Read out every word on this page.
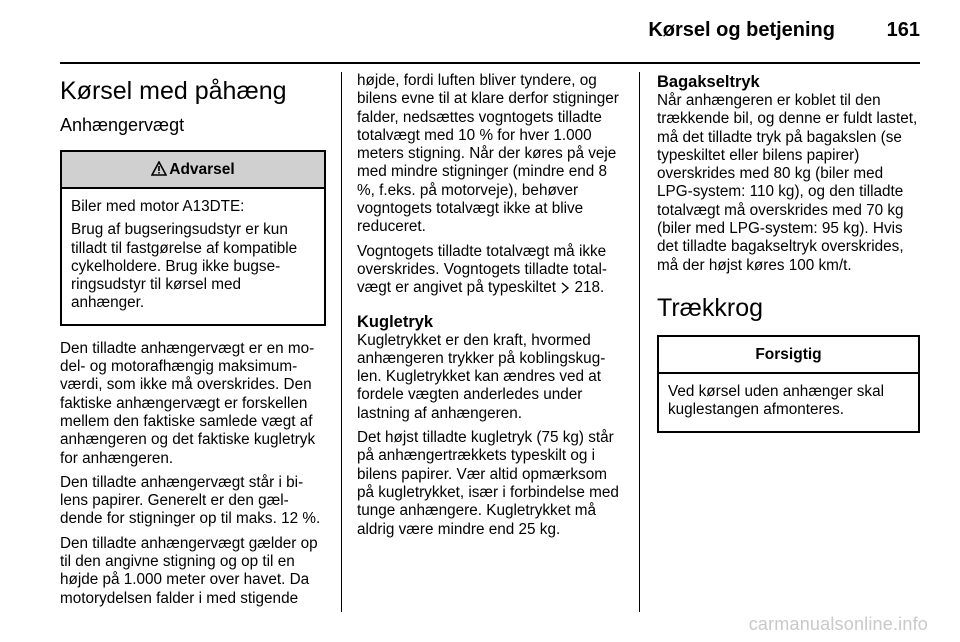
Kørsel og betjening	161
Kørsel med påhæng
Anhængervægt
Advarsel

Biler med motor A13DTE:

Brug af bugseringsudstyr er kun tilladt til fastgørelse af kompatible cykelholdere. Brug ikke bugseringsudstyr til kørsel med anhænger.

Den tilladte anhængervægt er en model- og motorafhængig maksimumværdi, som ikke må overskrides. Den faktiske anhængervægt er forskellen mellem den faktiske samlede vægt af anhængeren og det faktiske kugletryk for anhængeren.

Den tilladte anhængervægt står i bilens papirer. Generelt er den gældende for stigninger op til maks. 12 %.

Den tilladte anhængervægt gælder op til den angivne stigning og op til en højde på 1.000 meter over havet. Da motorydelsen falder i med stigende

højde, fordi luften bliver tyndere, og bilens evne til at klare derfor stigninger falder, nedsættes vogntogets tilladte totalvægt med 10 % for hver 1.000 meters stigning. Når der køres på veje med mindre stigninger (mindre end 8 %, f.eks. på motorveje), behøver vogntogets totalvægt ikke at blive reduceret.

Vogntogets tilladte totalvægt må ikke overskrides. Vogntogets tilladte totalvægt er angivet på typeskiltet 218.

Kugletryk

Kugletrykket er den kraft, hvormed anhængeren trykker på koblingskuglen. Kugletrykket kan ændres ved at fordele vægten anderledes under lastning af anhængeren.

Det højst tilladte kugletryk (75 kg) står på anhængertrækkets typeskilt og i bilens papirer. Vær altid opmærksom på kugletrykket, især i forbindelse med tunge anhængere. Kugletrykket må aldrig være mindre end 25 kg.

Bagakseltryk

Når anhængeren er koblet til den trækkende bil, og denne er fuldt lastet, må det tilladte tryk på bagakslen (se typeskiltet eller bilens papirer) overskrides med 80 kg (biler med LPG-system: 110 kg), og den tilladte totalvægt må overskrides med 70 kg (biler med LPG-system: 95 kg). Hvis det tilladte bagakseltryk overskrides, må der højst køres 100 km/t.

Trækkrog
Forsigtig

Ved kørsel uden anhænger skal kuglestangen afmonteres.

carmanualsonline.info
